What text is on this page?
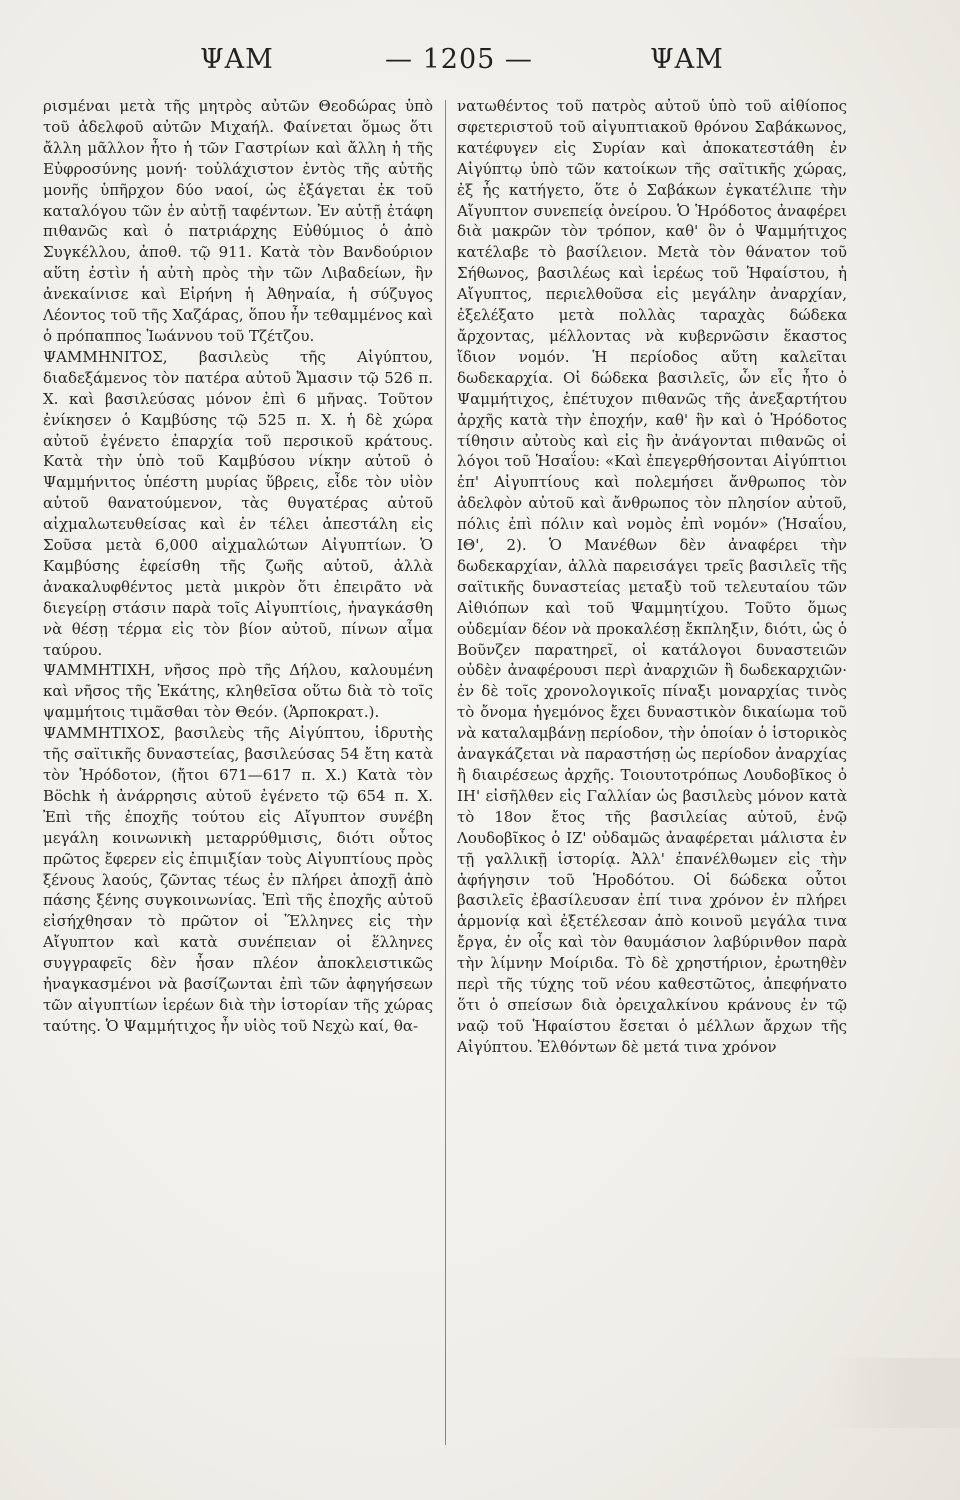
ΨΑΜ	— 1205 —	ΨΑΜ

ρισμέναι μετὰ τῆς μητρὸς αὐτῶν Θεοδώρας ὑπὸ τοῦ ἀδελφοῦ αὐτῶν Μιχαήλ. Φαίνεται ὅμως ὅτι ἄλλη μᾶλλον ἦτο ἡ τῶν Γαστρίων καὶ ἄλλη ἡ τῆς Εὐφροσύνης μονή· τοὐλάχιστον ἐντὸς τῆς αὐτῆς μονῆς ὑπῆρχον δύο ναοί, ὡς ἐξάγεται ἐκ τοῦ καταλόγου τῶν ἐν αὐτῇ ταφέντων. Ἐν αὐτῇ ἐτάφη πιθανῶς καὶ ὁ πατριάρχης Εὐθύμιος ὁ ἀπὸ Συγκέλλου, ἀποθ. τῷ 911. Κατὰ τὸν Βανδούριον αὕτη ἐστὶν ἡ αὐτὴ πρὸς τὴν τῶν Λιβαδείων, ἣν ἀνεκαίνισε καὶ Εἰρήνη ἡ Ἀθηναία, ἡ σύζυγος Λέοντος τοῦ τῆς Χαζάρας, ὅπου ἦν τεθαμμένος καὶ ὁ πρόπαππος Ἰωάννου τοῦ Τζέτζου.

ΨΑΜΜΗΝΙΤΟΣ, βασιλεὺς τῆς Αἰγύπτου, διαδεξάμενος τὸν πατέρα αὐτοῦ Ἄμασιν τῷ 526 π. Χ. καὶ βασιλεύσας μόνον ἐπὶ 6 μῆνας. Τοῦτον ἐνίκησεν ὁ Καμβύσης τῷ 525 π. Χ. ἡ δὲ χώρα αὐτοῦ ἐγένετο ἐπαρχία τοῦ περσικοῦ κράτους. Κατὰ τὴν ὑπὸ τοῦ Καμβύσου νίκην αὐτοῦ ὁ Ψαμμήνιτος ὑπέστη μυρίας ὕβρεις, εἶδε τὸν υἱὸν αὐτοῦ θανατούμενον, τὰς θυγατέρας αὐτοῦ αἰχμαλωτευθείσας καὶ ἐν τέλει ἀπεστάλη εἰς Σοῦσα μετὰ 6,000 αἰχμαλώτων Αἰγυπτίων. Ὁ Καμβύσης ἐφείσθη τῆς ζωῆς αὐτοῦ, ἀλλὰ ἀνακαλυφθέντος μετὰ μικρὸν ὅτι ἐπειρᾶτο νὰ διεγείρῃ στάσιν παρὰ τοῖς Αἰγυπτίοις, ἠναγκάσθη νὰ θέσῃ τέρμα εἰς τὸν βίον αὐτοῦ, πίνων αἷμα ταύρου.

ΨΑΜΜΗΤΙΧΗ, νῆσος πρὸ τῆς Δήλου, καλουμένη καὶ νῆσος τῆς Ἑκάτης, κληθεῖσα οὕτω διὰ τὸ τοῖς ψαμμήτοις τιμᾶσθαι τὸν Θεόν. (Ἁρποκρατ.).

ΨΑΜΜΗΤΙΧΟΣ, βασιλεὺς τῆς Αἰγύπτου, ἱδρυτὴς τῆς σαϊτικῆς δυναστείας, βασιλεύσας 54 ἔτη κατὰ τὸν Ἡρόδοτον, (ἤτοι 671—617 π. Χ.) Κατὰ τὸν Böchk ἡ ἀνάρρησις αὐτοῦ ἐγένετο τῷ 654 π. Χ. Ἐπὶ τῆς ἐποχῆς τούτου εἰς Αἴγυπτον συνέβη μεγάλη κοινωνικὴ μεταρρύθμισις, διότι οὗτος πρῶτος ἔφερεν εἰς ἐπιμιξίαν τοὺς Αἰγυπτίους πρὸς ξένους λαούς, ζῶντας τέως ἐν πλήρει ἀποχῇ ἀπὸ πάσης ξένης συγκοινωνίας. Ἐπὶ τῆς ἐποχῆς αὐτοῦ εἰσήχθησαν τὸ πρῶτον οἱ Ἕλληνες εἰς τὴν Αἴγυπτον καὶ κατὰ συνέπειαν οἱ ἕλληνες συγγραφεῖς δὲν ἦσαν πλέον ἀποκλειστικῶς ἠναγκασμένοι νὰ βασίζωνται ἐπὶ τῶν ἀφηγήσεων τῶν αἰγυπτίων ἱερέων διὰ τὴν ἱστορίαν τῆς χώρας ταύτης. Ὁ Ψαμμήτιχος ἦν υἱὸς τοῦ Νεχὼ καί, θα-

νατωθέντος τοῦ πατρὸς αὐτοῦ ὑπὸ τοῦ αἰθίοπος σφετεριστοῦ τοῦ αἰγυπτιακοῦ θρόνου Σαβάκωνος, κατέφυγεν εἰς Συρίαν καὶ ἀποκατεστάθη ἐν Αἰγύπτῳ ὑπὸ τῶν κατοίκων τῆς σαϊτικῆς χώρας, ἐξ ἧς κατήγετο, ὅτε ὁ Σαβάκων ἐγκατέλιπε τὴν Αἴγυπτον συνεπείᾳ ὀνείρου. Ὁ Ἡρόδοτος ἀναφέρει διὰ μακρῶν τὸν τρόπον, καθ' ὃν ὁ Ψαμμήτιχος κατέλαβε τὸ βασίλειον. Μετὰ τὸν θάνατον τοῦ Σήθωνος, βασιλέως καὶ ἱερέως τοῦ Ἡφαίστου, ἡ Αἴγυπτος, περιελθοῦσα εἰς μεγάλην ἀναρχίαν, ἐξελέξατο μετὰ πολλὰς ταραχὰς δώδεκα ἄρχοντας, μέλλοντας νὰ κυβερνῶσιν ἕκαστος ἴδιον νομόν. Ἡ περίοδος αὕτη καλεῖται δωδεκαρχία. Οἱ δώδεκα βασιλεῖς, ὧν εἷς ἦτο ὁ Ψαμμήτιχος, ἐπέτυχον πιθανῶς τῆς ἀνεξαρτήτου ἀρχῆς κατὰ τὴν ἐποχήν, καθ' ἣν καὶ ὁ Ἡρόδοτος τίθησιν αὐτοὺς καὶ εἰς ἣν ἀνάγονται πιθανῶς οἱ λόγοι τοῦ Ἡσαΐου: «Καὶ ἐπεγερθήσονται Αἰγύπτιοι ἐπ' Αἰγυπτίους καὶ πολεμήσει ἄνθρωπος τὸν ἀδελφὸν αὐτοῦ καὶ ἄνθρωπος τὸν πλησίον αὐτοῦ, πόλις ἐπὶ πόλιν καὶ νομὸς ἐπὶ νομόν» (Ἡσαΐου, ΙΘ', 2). Ὁ Μανέθων δὲν ἀναφέρει τὴν δωδεκαρχίαν, ἀλλὰ παρεισάγει τρεῖς βασιλεῖς τῆς σαϊτικῆς δυναστείας μεταξὺ τοῦ τελευταίου τῶν Αἰθιόπων καὶ τοῦ Ψαμμητίχου. Τοῦτο ὅμως οὐδεμίαν δέον νὰ προκαλέσῃ ἔκπληξιν, διότι, ὡς ὁ Βοῦνζεν παρατηρεῖ, οἱ κατάλογοι δυναστειῶν οὐδὲν ἀναφέρουσι περὶ ἀναρχιῶν ἢ δωδεκαρχιῶν· ἐν δὲ τοῖς χρονολογικοῖς πίναξι μοναρχίας τινὸς τὸ ὄνομα ἡγεμόνος ἔχει δυναστικὸν δικαίωμα τοῦ νὰ καταλαμβάνῃ περίοδον, τὴν ὁποίαν ὁ ἱστορικὸς ἀναγκάζεται νὰ παραστήσῃ ὡς περίοδον ἀναρχίας ἢ διαιρέσεως ἀρχῆς. Τοιουτοτρόπως Λουδοβῖκος ὁ ΙΗ' εἰσῆλθεν εἰς Γαλλίαν ὡς βασιλεὺς μόνον κατὰ τὸ 18ον ἔτος τῆς βασιλείας αὐτοῦ, ἐνῷ Λουδοβῖκος ὁ ΙΖ' οὐδαμῶς ἀναφέρεται μάλιστα ἐν τῇ γαλλικῇ ἱστορίᾳ. Ἀλλ' ἐπανέλθωμεν εἰς τὴν ἀφήγησιν τοῦ Ἡροδότου. Οἱ δώδεκα οὗτοι βασιλεῖς ἐβασίλευσαν ἐπί τινα χρόνον ἐν πλήρει ἁρμονίᾳ καὶ ἐξετέλεσαν ἀπὸ κοινοῦ μεγάλα τινα ἔργα, ἐν οἷς καὶ τὸν θαυμάσιον λαβύρινθον παρὰ τὴν λίμνην Μοίριδα. Τὸ δὲ χρηστήριον, ἐρωτηθὲν περὶ τῆς τύχης τοῦ νέου καθεστῶτος, ἀπεφήνατο ὅτι ὁ σπείσων διὰ ὀρειχαλκίνου κράνους ἐν τῷ ναῷ τοῦ Ἡφαίστου ἔσεται ὁ μέλλων ἄρχων τῆς Αἰγύπτου. Ἐλθόντων δὲ μετά τινα χρόνον
